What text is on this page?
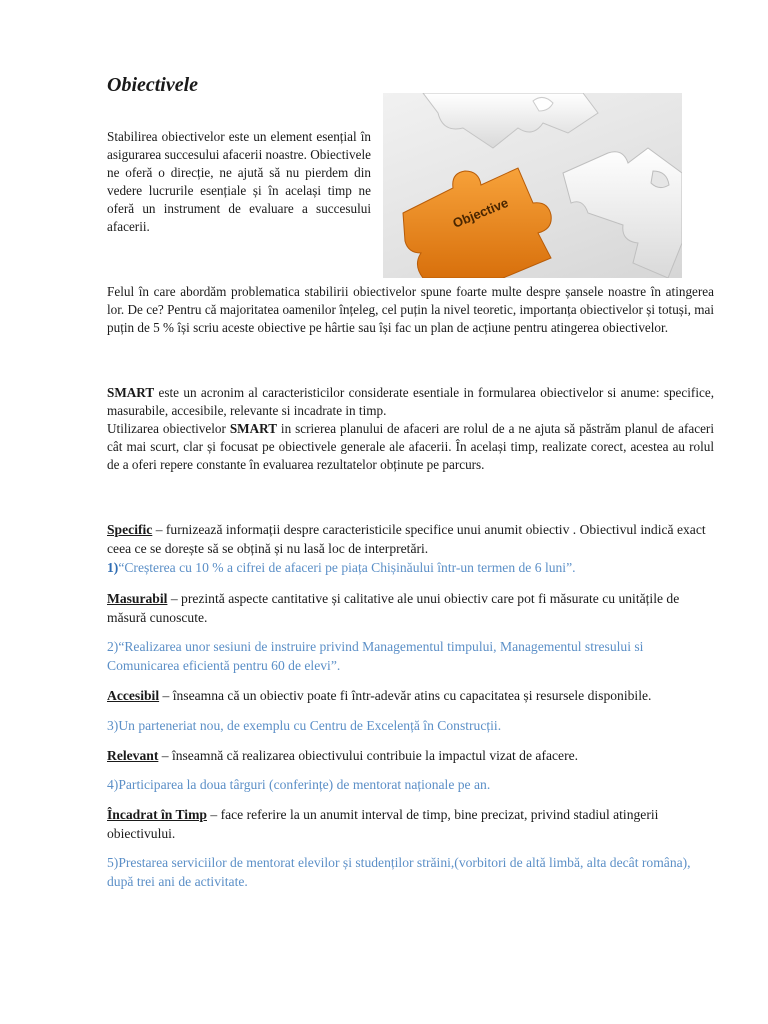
Obiectivele

Stabilirea obiectivelor este un element esențial în asigurarea succesului afacerii noastre. Obiectivele ne oferă o direcție, ne ajută să nu pierdem din vedere lucrurile esențiale și în același timp ne oferă un instrument de evaluare a succesului afacerii.	Objective

Felul în care abordăm problematica stabilirii obiectivelor spune foarte multe despre șansele noastre în atingerea lor. De ce? Pentru că majoritatea oamenilor înțeleg, cel puțin la nivel teoretic, importanța obiectivelor și totuși, mai puțin de 5 % își scriu aceste obiective pe hârtie sau își fac un plan de acțiune pentru atingerea obiectivelor.

SMART este un acronim al caracteristicilor considerate esentiale in formularea obiectivelor si anume: specifice, masurabile, accesibile, relevante si incadrate in timp.
Utilizarea obiectivelor SMART in scrierea planului de afaceri are rolul de a ne ajuta să păstrăm planul de afaceri cât mai scurt, clar și focusat pe obiectivele generale ale afacerii. În același timp, realizate corect, acestea au rolul de a oferi repere constante în evaluarea rezultatelor obținute pe parcurs.

Specific – furnizează informații despre caracteristicile specifice unui anumit obiectiv . Obiectivul indică exact ceea ce se dorește să se obțină și nu lasă loc de interpretări.

1)“Creșterea cu 10 % a cifrei de afaceri pe piața Chișinăului într-un termen de 6 luni”.

Masurabil – prezintă aspecte cantitative și calitative ale unui obiectiv care pot fi măsurate cu unitățile de măsură cunoscute.

2)“Realizarea unor sesiuni de instruire privind Managementul timpului, Managementul stresului si Comunicarea eficientă pentru 60 de elevi”.

Accesibil – înseamna că un obiectiv poate fi într-adevăr atins cu capacitatea și resursele disponibile.

3)Un parteneriat nou, de exemplu cu Centru de Excelență în Construcții.

Relevant – înseamnă că realizarea obiectivului contribuie la impactul vizat de afacere.

4)Participarea la doua târguri (conferințe) de mentorat naționale pe an.

Încadrat în Timp – face referire la un anumit interval de timp, bine precizat, privind stadiul atingerii obiectivului.

5)Prestarea serviciilor de mentorat elevilor și studenților străini,(vorbitori de altă limbă, alta decât româna), după trei ani de activitate.
